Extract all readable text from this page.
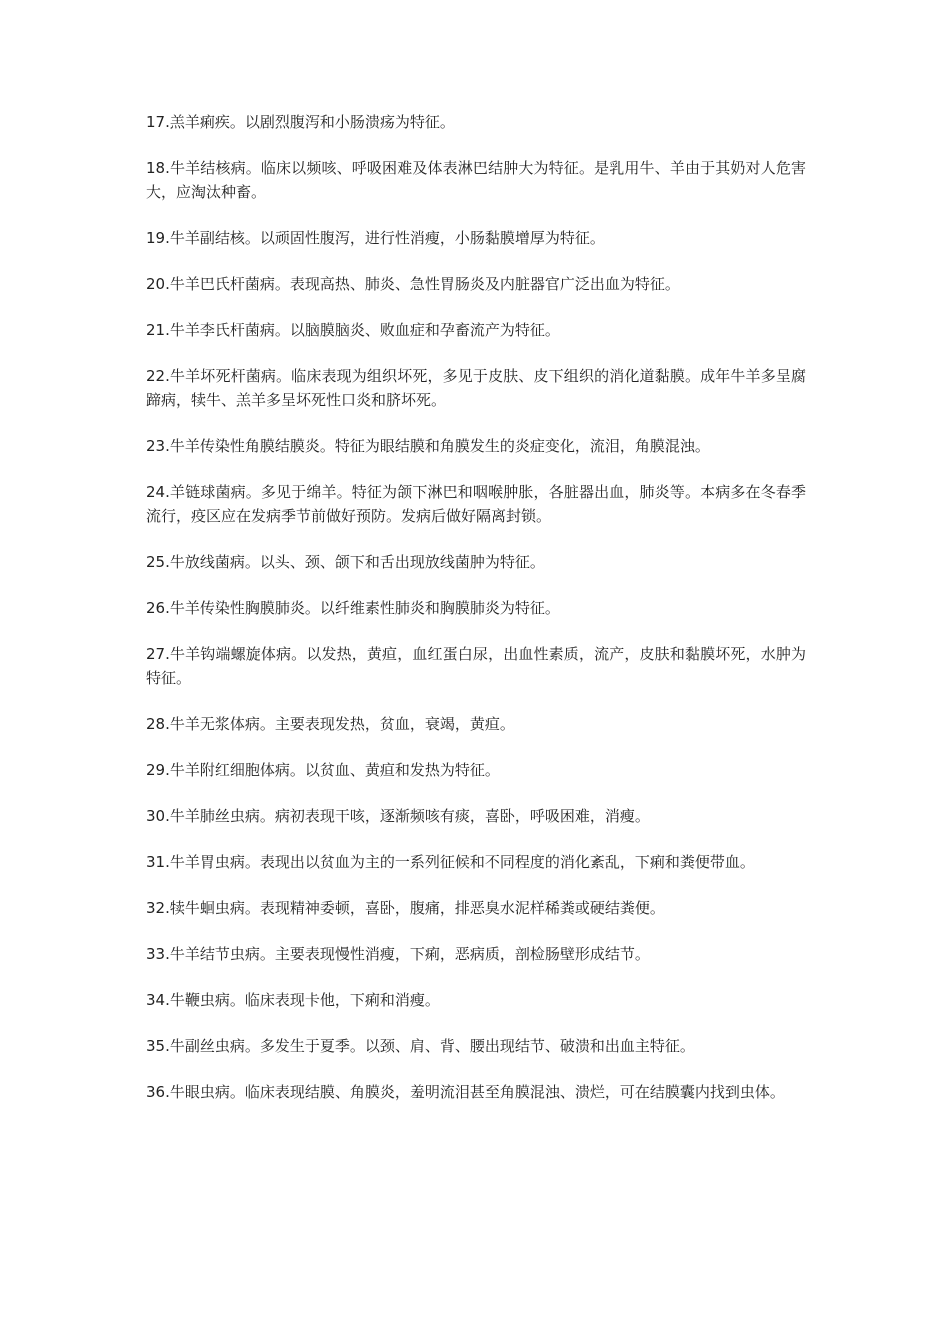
17.羔羊痢疾。以剧烈腹泻和小肠溃疡为特征。

18.牛羊结核病。临床以频咳、呼吸困难及体表淋巴结肿大为特征。是乳用牛、羊由于其奶对人危害大，应淘汰种畜。

19.牛羊副结核。以顽固性腹泻，进行性消瘦，小肠黏膜增厚为特征。

20.牛羊巴氏杆菌病。表现高热、肺炎、急性胃肠炎及内脏器官广泛出血为特征。

21.牛羊李氏杆菌病。以脑膜脑炎、败血症和孕畜流产为特征。

22.牛羊坏死杆菌病。临床表现为组织坏死，多见于皮肤、皮下组织的消化道黏膜。成年牛羊多呈腐蹄病，犊牛、羔羊多呈坏死性口炎和脐坏死。

23.牛羊传染性角膜结膜炎。特征为眼结膜和角膜发生的炎症变化，流泪，角膜混浊。

24.羊链球菌病。多见于绵羊。特征为颌下淋巴和咽喉肿胀，各脏器出血，肺炎等。本病多在冬春季流行，疫区应在发病季节前做好预防。发病后做好隔离封锁。

25.牛放线菌病。以头、颈、颌下和舌出现放线菌肿为特征。

26.牛羊传染性胸膜肺炎。以纤维素性肺炎和胸膜肺炎为特征。

27.牛羊钩端螺旋体病。以发热，黄疸，血红蛋白尿，出血性素质，流产，皮肤和黏膜坏死，水肿为特征。

28.牛羊无浆体病。主要表现发热，贫血，衰竭，黄疸。

29.牛羊附红细胞体病。以贫血、黄疸和发热为特征。

30.牛羊肺丝虫病。病初表现干咳，逐渐频咳有痰，喜卧，呼吸困难，消瘦。

31.牛羊胃虫病。表现出以贫血为主的一系列征候和不同程度的消化紊乱，下痢和粪便带血。

32.犊牛蛔虫病。表现精神委顿，喜卧，腹痛，排恶臭水泥样稀粪或硬结粪便。

33.牛羊结节虫病。主要表现慢性消瘦，下痢，恶病质，剖检肠壁形成结节。

34.牛鞭虫病。临床表现卡他，下痢和消瘦。

35.牛副丝虫病。多发生于夏季。以颈、肩、背、腰出现结节、破溃和出血主特征。

36.牛眼虫病。临床表现结膜、角膜炎，羞明流泪甚至角膜混浊、溃烂，可在结膜囊内找到虫体。
